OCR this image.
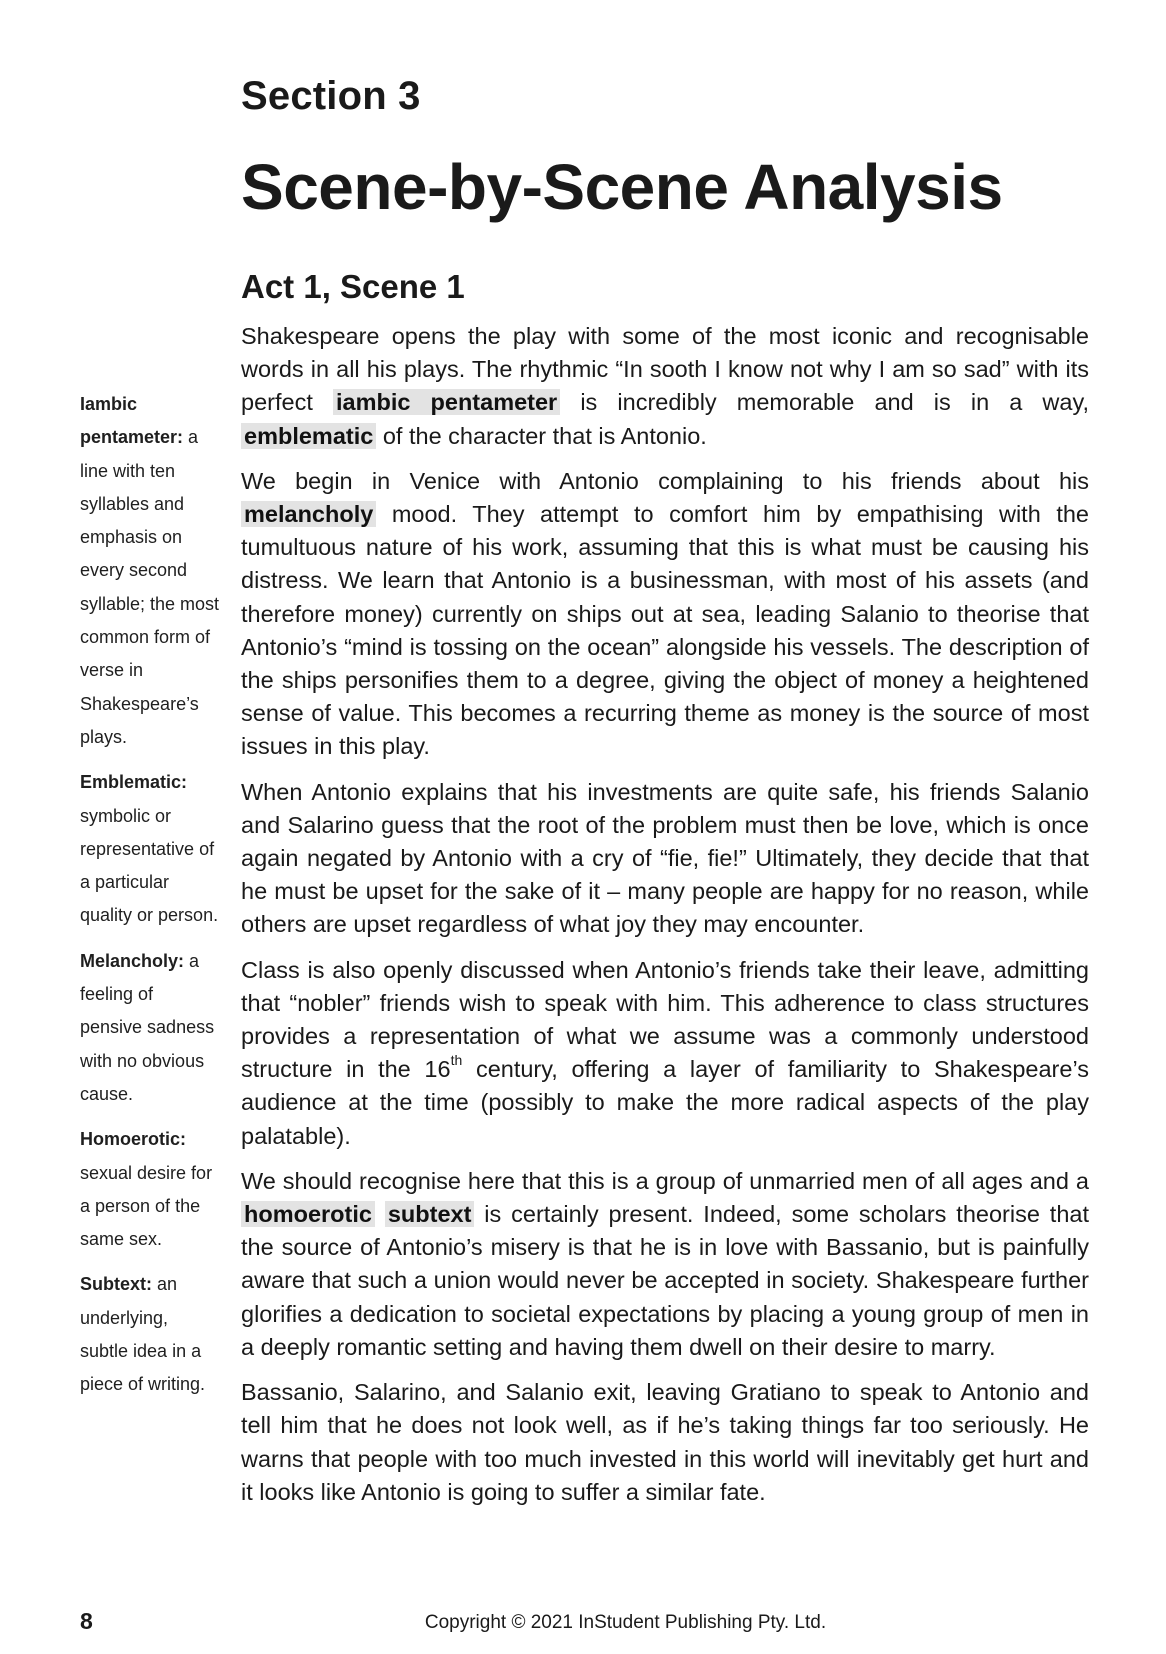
Section 3
Scene-by-Scene Analysis
Act 1, Scene 1
Iambic pentameter: a line with ten syllables and emphasis on every second syllable; the most common form of verse in Shakespeare’s plays.
Emblematic: symbolic or representative of a particular quality or person.
Melancholy: a feeling of pensive sadness with no obvious cause.
Homoerotic: sexual desire for a person of the same sex.
Subtext: an underlying, subtle idea in a piece of writing.

Shakespeare opens the play with some of the most iconic and recognisable words in all his plays. The rhythmic “In sooth I know not why I am so sad” with its perfect iambic pentameter is incredibly memorable and is in a way, emblematic of the character that is Antonio.

We begin in Venice with Antonio complaining to his friends about his melancholy mood. They attempt to comfort him by empathising with the tumultuous nature of his work, assuming that this is what must be causing his distress. We learn that Antonio is a businessman, with most of his assets (and therefore money) currently on ships out at sea, leading Salanio to theorise that Antonio’s “mind is tossing on the ocean” alongside his vessels. The description of the ships personifies them to a degree, giving the object of money a heightened sense of value. This becomes a recurring theme as money is the source of most issues in this play.

When Antonio explains that his investments are quite safe, his friends Salanio and Salarino guess that the root of the problem must then be love, which is once again negated by Antonio with a cry of “fie, fie!” Ultimately, they decide that that he must be upset for the sake of it – many people are happy for no reason, while others are upset regardless of what joy they may encounter.

Class is also openly discussed when Antonio’s friends take their leave, admitting that “nobler” friends wish to speak with him. This adherence to class structures provides a representation of what we assume was a commonly understood structure in the 16th century, offering a layer of familiarity to Shakespeare’s audience at the time (possibly to make the more radical aspects of the play palatable).

We should recognise here that this is a group of unmarried men of all ages and a homoerotic subtext is certainly present. Indeed, some scholars theorise that the source of Antonio’s misery is that he is in love with Bassanio, but is painfully aware that such a union would never be accepted in society. Shakespeare further glorifies a dedication to societal expectations by placing a young group of men in a deeply romantic setting and having them dwell on their desire to marry.

Bassanio, Salarino, and Salanio exit, leaving Gratiano to speak to Antonio and tell him that he does not look well, as if he’s taking things far too seriously. He warns that people with too much invested in this world will inevitably get hurt and it looks like Antonio is going to suffer a similar fate.

8	Copyright © 2021 InStudent Publishing Pty. Ltd.
